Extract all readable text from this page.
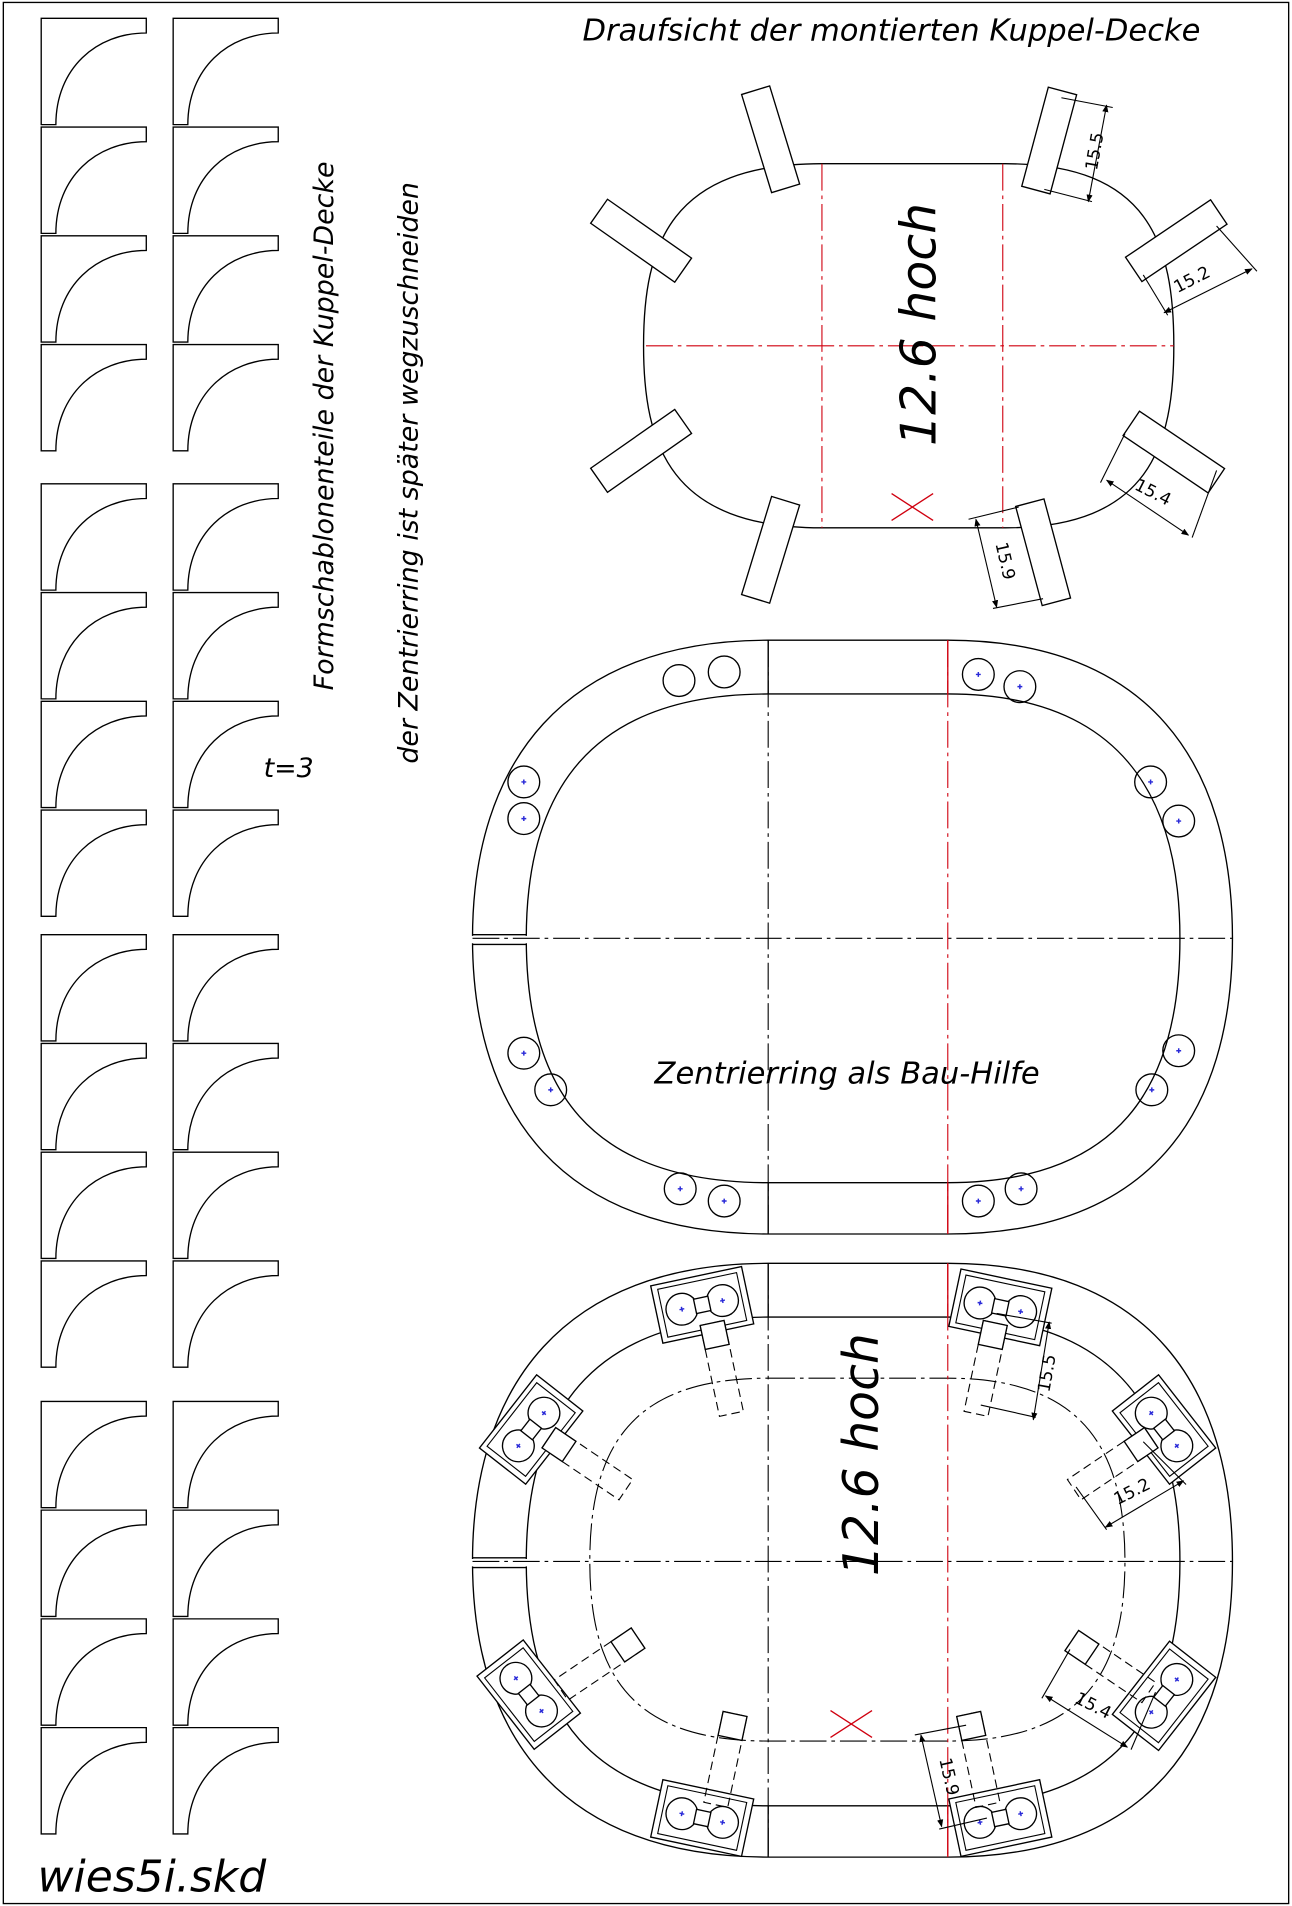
Formschablonenteile der Kuppel-Decke der Zentrierring ist später wegzuschneiden
t=3
wies5i.skd
Draufsicht der montierten Kuppel-Decke
12.6 hoch
15.5
15.2
15.4
15.9
Zentrierring als Bau-Hilfe
12.6 hoch	15.5
15.2
15.4
15.9
